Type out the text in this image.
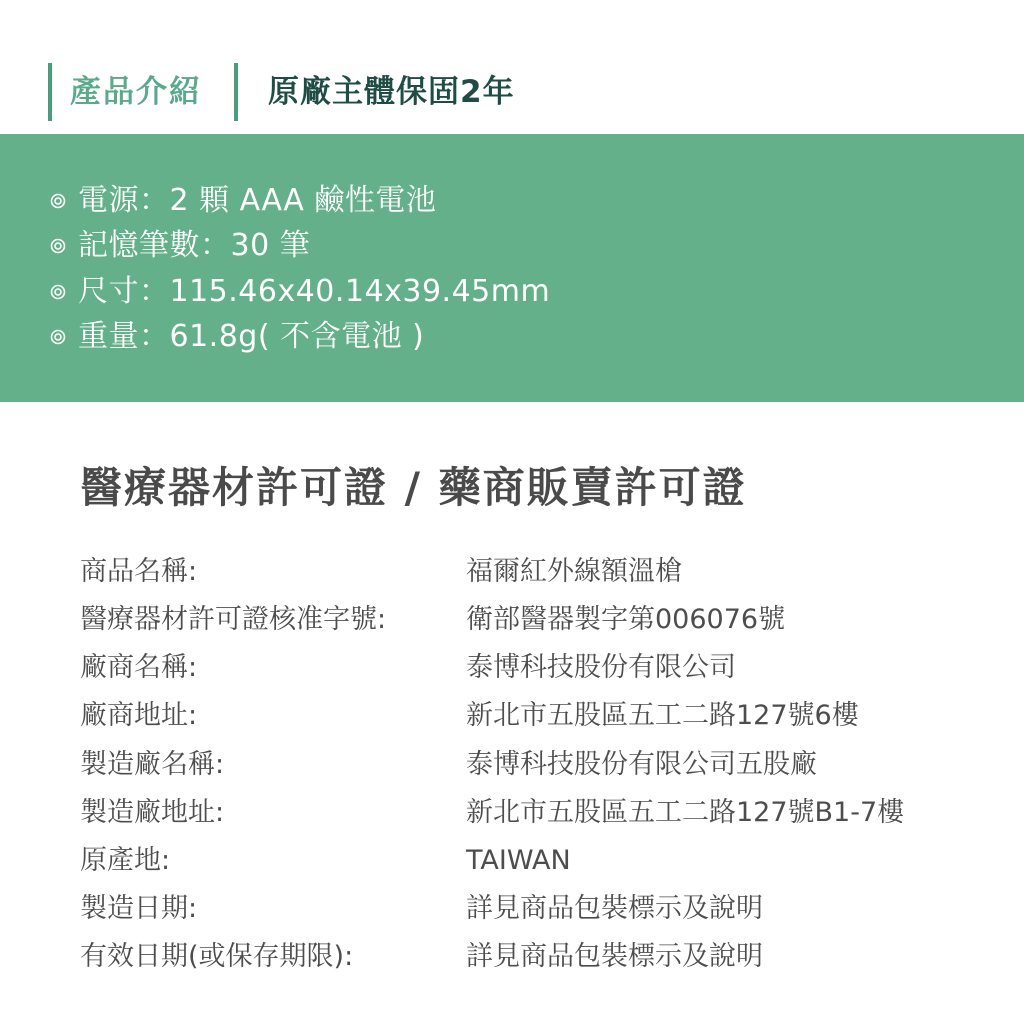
產品介紹 原廠主體保固2年
電源：2 顆 AAA 鹼性電池
記憶筆數：30 筆
尺寸：115.46x40.14x39.45mm
重量：61.8g( 不含電池 )
醫療器材許可證 / 藥商販賣許可證
商品名稱:	福爾紅外線額溫槍
醫療器材許可證核准字號:	衛部醫器製字第006076號
廠商名稱:	泰博科技股份有限公司
廠商地址:	新北市五股區五工二路127號6樓
製造廠名稱:	泰博科技股份有限公司五股廠
製造廠地址:	新北市五股區五工二路127號B1-7樓
原產地:	TAIWAN
製造日期:	詳見商品包裝標示及說明
有效日期(或保存期限):	詳見商品包裝標示及說明
